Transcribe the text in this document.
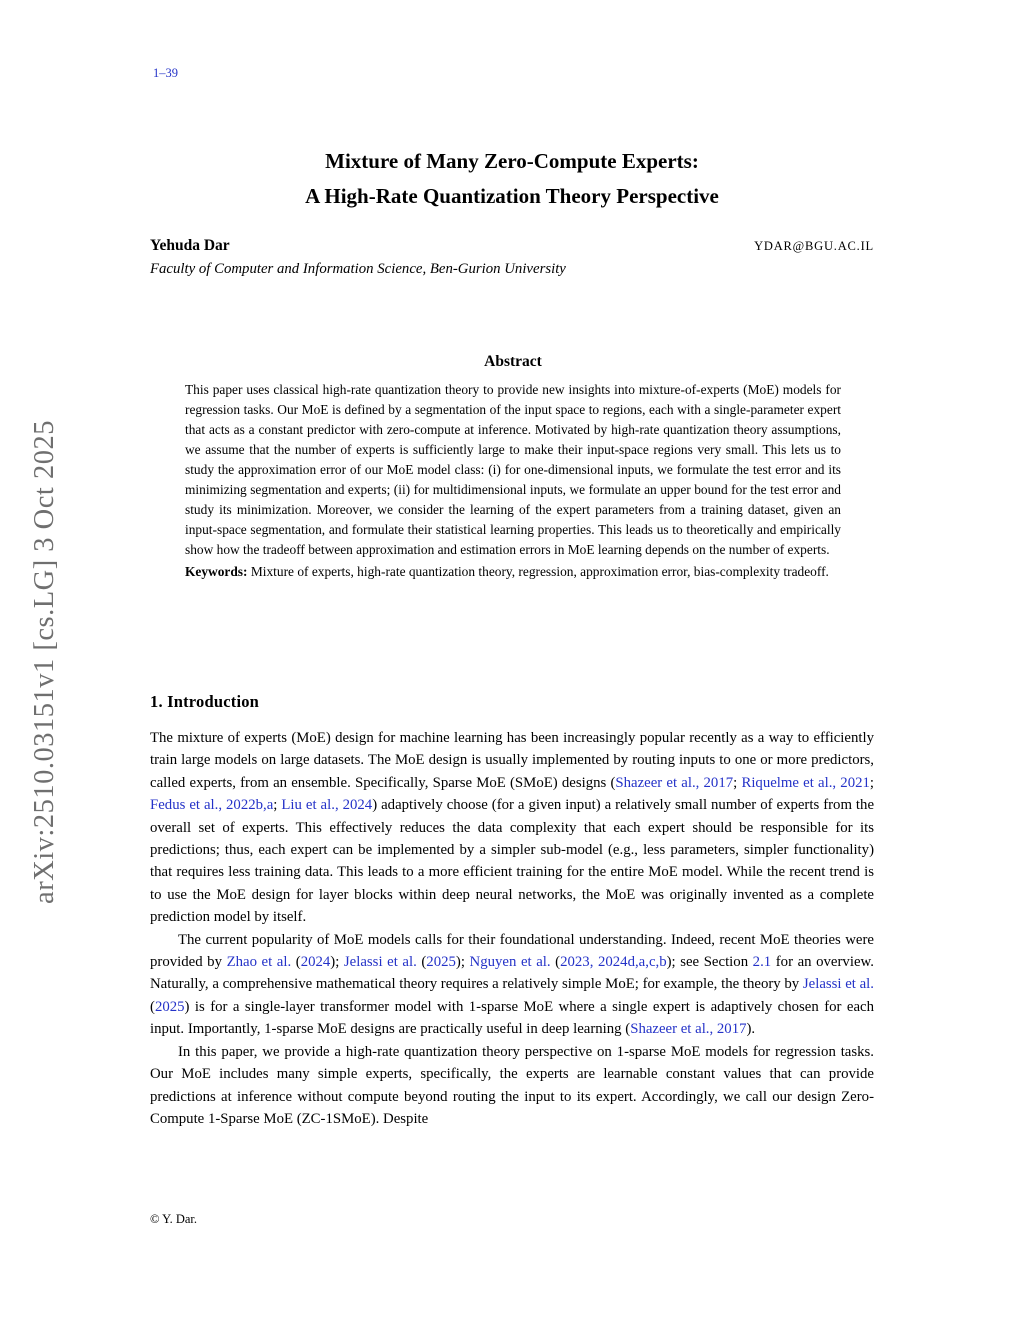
1–39
arXiv:2510.03151v1 [cs.LG] 3 Oct 2025
Mixture of Many Zero-Compute Experts:
A High-Rate Quantization Theory Perspective
Yehuda Dar	YDAR@BGU.AC.IL
Faculty of Computer and Information Science, Ben-Gurion University
Abstract

This paper uses classical high-rate quantization theory to provide new insights into mixture-of-experts (MoE) models for regression tasks. Our MoE is defined by a segmentation of the input space to regions, each with a single-parameter expert that acts as a constant predictor with zero-compute at inference. Motivated by high-rate quantization theory assumptions, we assume that the number of experts is sufficiently large to make their input-space regions very small. This lets us to study the approximation error of our MoE model class: (i) for one-dimensional inputs, we formulate the test error and its minimizing segmentation and experts; (ii) for multidimensional inputs, we formulate an upper bound for the test error and study its minimization. Moreover, we consider the learning of the expert parameters from a training dataset, given an input-space segmentation, and formulate their statistical learning properties. This leads us to theoretically and empirically show how the tradeoff between approximation and estimation errors in MoE learning depends on the number of experts.

Keywords: Mixture of experts, high-rate quantization theory, regression, approximation error, bias-complexity tradeoff.

1. Introduction

The mixture of experts (MoE) design for machine learning has been increasingly popular recently as a way to efficiently train large models on large datasets. The MoE design is usually implemented by routing inputs to one or more predictors, called experts, from an ensemble. Specifically, Sparse MoE (SMoE) designs (Shazeer et al., 2017; Riquelme et al., 2021; Fedus et al., 2022b,a; Liu et al., 2024) adaptively choose (for a given input) a relatively small number of experts from the overall set of experts. This effectively reduces the data complexity that each expert should be responsible for its predictions; thus, each expert can be implemented by a simpler sub-model (e.g., less parameters, simpler functionality) that requires less training data. This leads to a more efficient training for the entire MoE model. While the recent trend is to use the MoE design for layer blocks within deep neural networks, the MoE was originally invented as a complete prediction model by itself.

The current popularity of MoE models calls for their foundational understanding. Indeed, recent MoE theories were provided by Zhao et al. (2024); Jelassi et al. (2025); Nguyen et al. (2023, 2024d,a,c,b); see Section 2.1 for an overview. Naturally, a comprehensive mathematical theory requires a relatively simple MoE; for example, the theory by Jelassi et al. (2025) is for a single-layer transformer model with 1-sparse MoE where a single expert is adaptively chosen for each input. Importantly, 1-sparse MoE designs are practically useful in deep learning (Shazeer et al., 2017).

In this paper, we provide a high-rate quantization theory perspective on 1-sparse MoE models for regression tasks. Our MoE includes many simple experts, specifically, the experts are learnable constant values that can provide predictions at inference without compute beyond routing the input to its expert. Accordingly, we call our design Zero-Compute 1-Sparse MoE (ZC-1SMoE). Despite

© Y. Dar.
